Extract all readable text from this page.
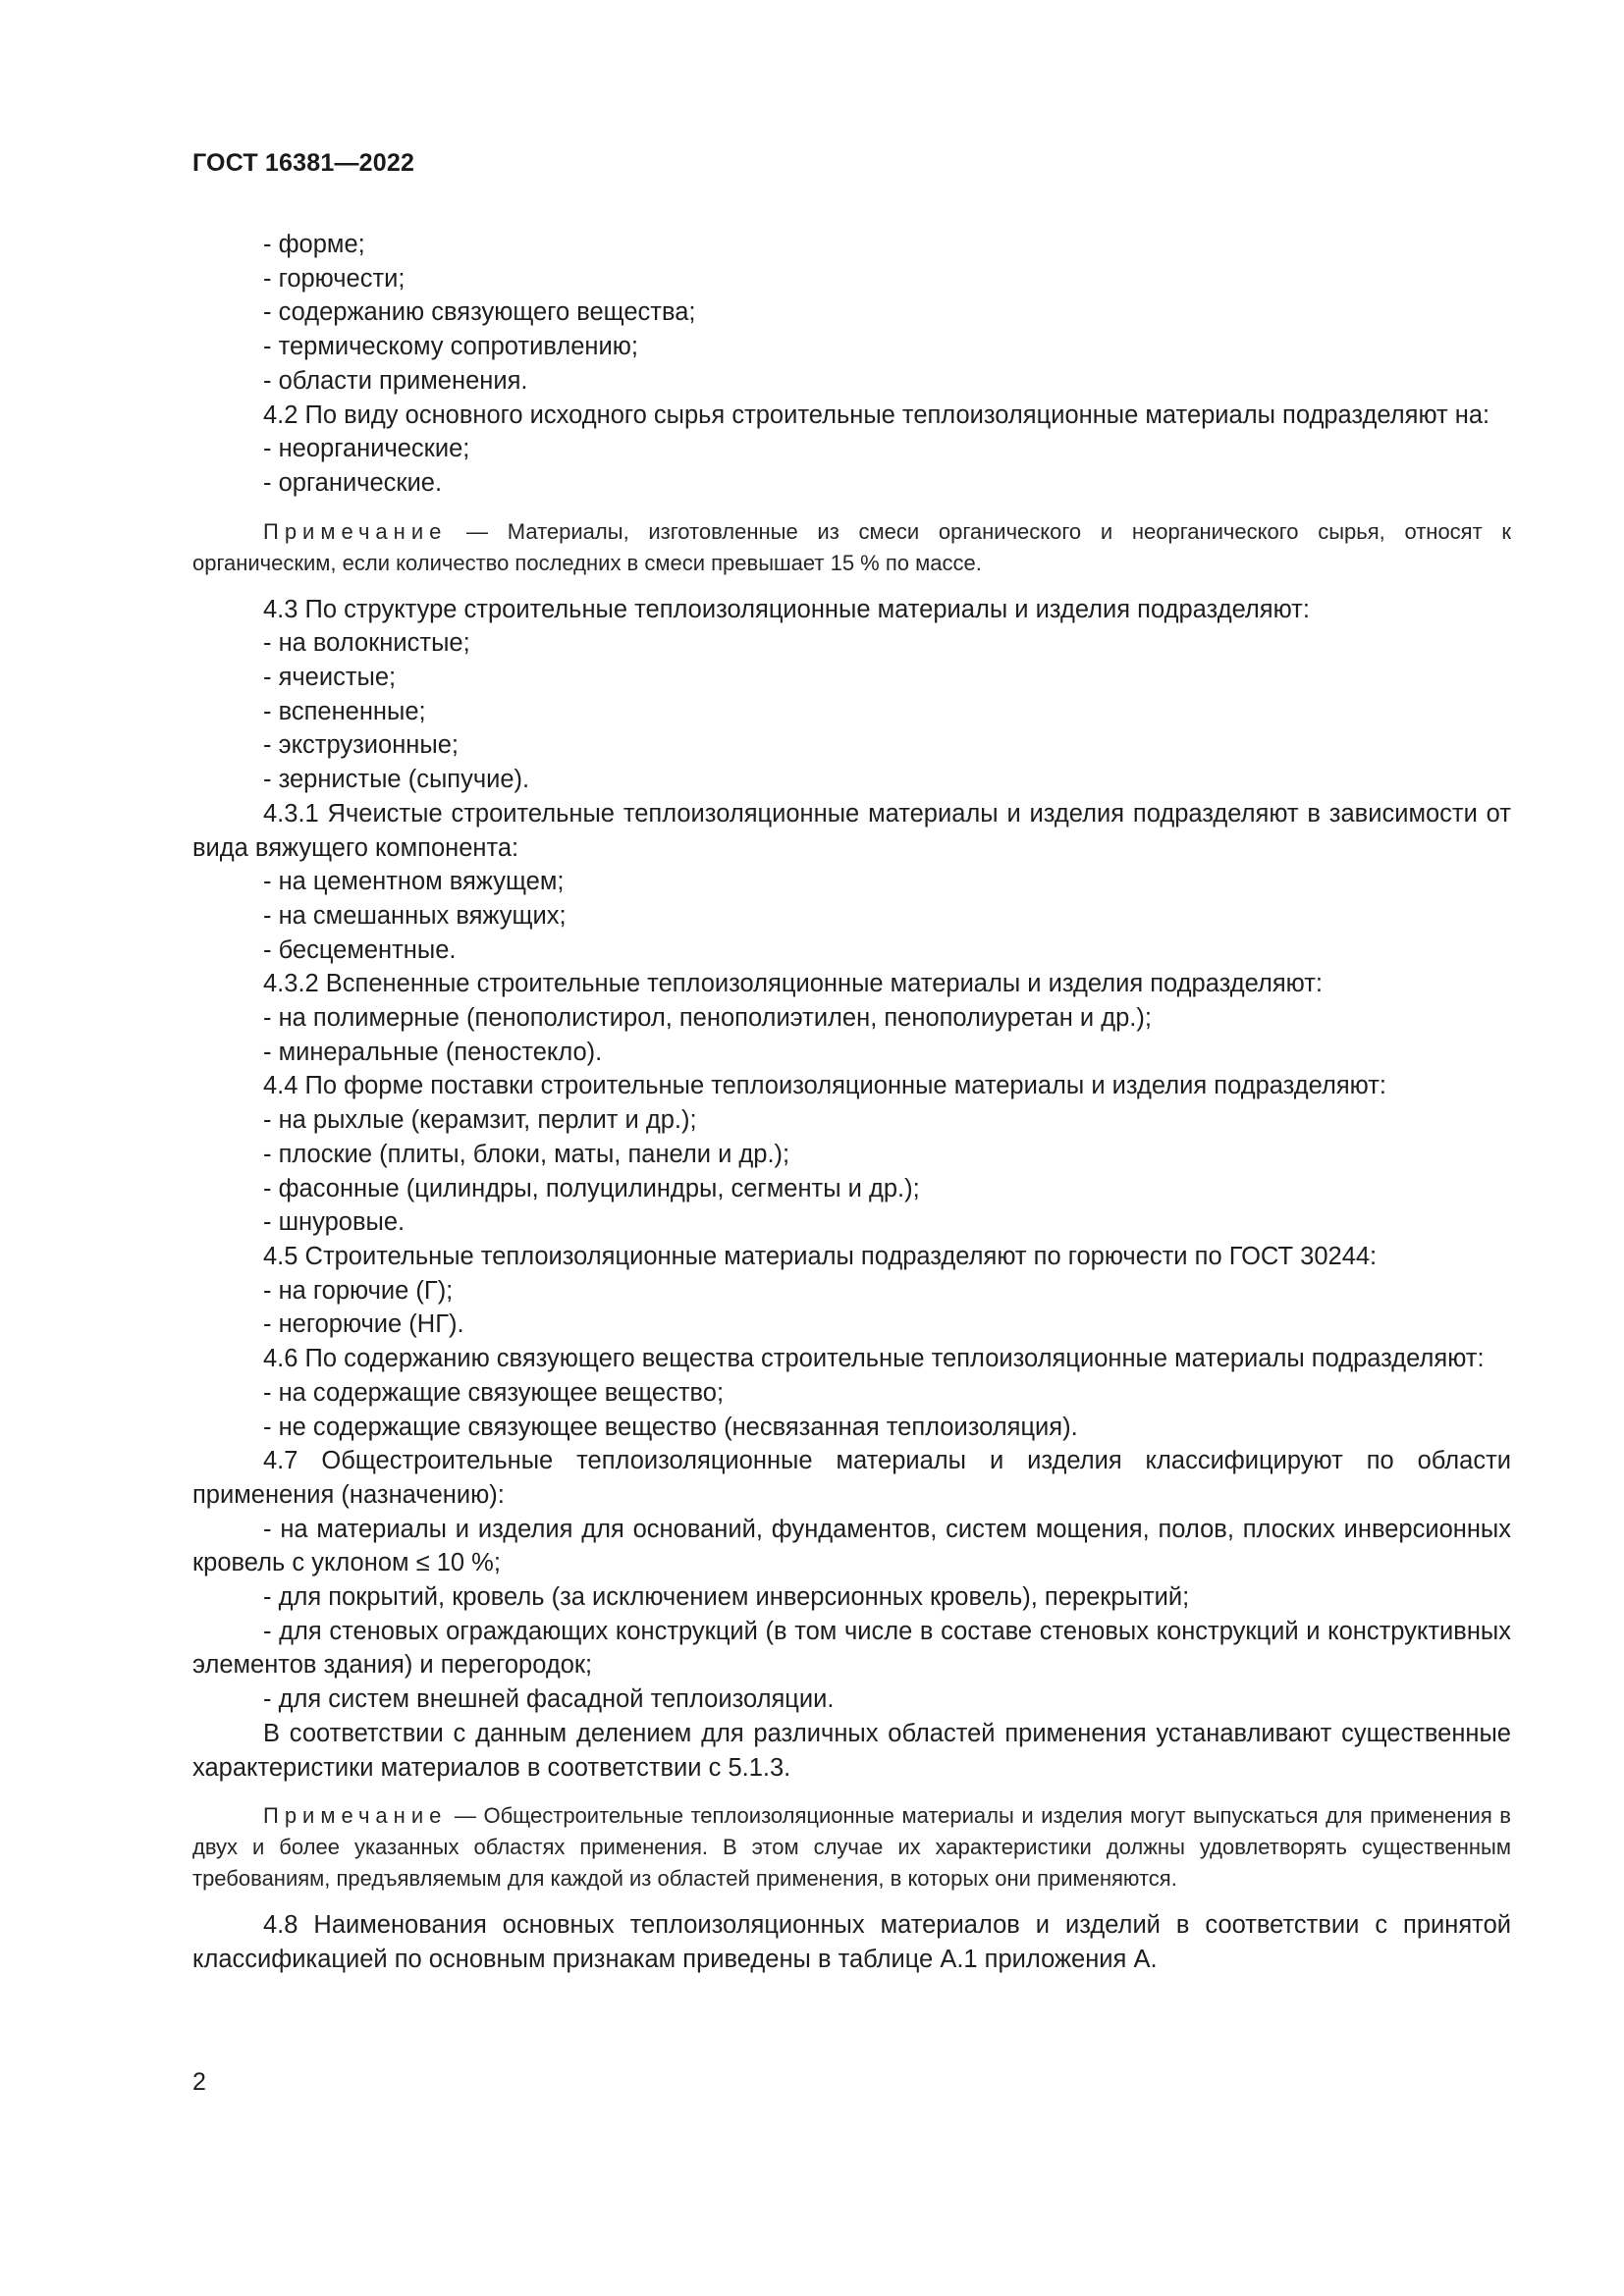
ГОСТ 16381—2022

- форме;

- горючести;

- содержанию связующего вещества;

- термическому сопротивлению;

- области применения.

4.2 По виду основного исходного сырья строительные теплоизоляционные материалы подразделяют на:

- неорганические;

- органические.

Примечание — Материалы, изготовленные из смеси органического и неорганического сырья, относят к органическим, если количество последних в смеси превышает 15 % по массе.

4.3 По структуре строительные теплоизоляционные материалы и изделия подразделяют:

- на волокнистые;

- ячеистые;

- вспененные;

- экструзионные;

- зернистые (сыпучие).

4.3.1 Ячеистые строительные теплоизоляционные материалы и изделия подразделяют в зависимости от вида вяжущего компонента:

- на цементном вяжущем;

- на смешанных вяжущих;

- бесцементные.

4.3.2 Вспененные строительные теплоизоляционные материалы и изделия подразделяют:

- на полимерные (пенополистирол, пенополиэтилен, пенополиуретан и др.);

- минеральные (пеностекло).

4.4 По форме поставки строительные теплоизоляционные материалы и изделия подразделяют:

- на рыхлые (керамзит, перлит и др.);

- плоские (плиты, блоки, маты, панели и др.);

- фасонные (цилиндры, полуцилиндры, сегменты и др.);

- шнуровые.

4.5 Строительные теплоизоляционные материалы подразделяют по горючести по ГОСТ 30244:

- на горючие (Г);

- негорючие (НГ).

4.6 По содержанию связующего вещества строительные теплоизоляционные материалы подразделяют:

- на содержащие связующее вещество;

- не содержащие связующее вещество (несвязанная теплоизоляция).

4.7 Общестроительные теплоизоляционные материалы и изделия классифицируют по области применения (назначению):

- на материалы и изделия для оснований, фундаментов, систем мощения, полов, плоских инверсионных кровель с уклоном ≤ 10 %;

- для покрытий, кровель (за исключением инверсионных кровель), перекрытий;

- для стеновых ограждающих конструкций (в том числе в составе стеновых конструкций и конструктивных элементов здания) и перегородок;

- для систем внешней фасадной теплоизоляции.

В соответствии с данным делением для различных областей применения устанавливают существенные характеристики материалов в соответствии с 5.1.3.

Примечание — Общестроительные теплоизоляционные материалы и изделия могут выпускаться для применения в двух и более указанных областях применения. В этом случае их характеристики должны удовлетворять существенным требованиям, предъявляемым для каждой из областей применения, в которых они применяются.

4.8 Наименования основных теплоизоляционных материалов и изделий в соответствии с принятой классификацией по основным признакам приведены в таблице А.1 приложения А.

2
